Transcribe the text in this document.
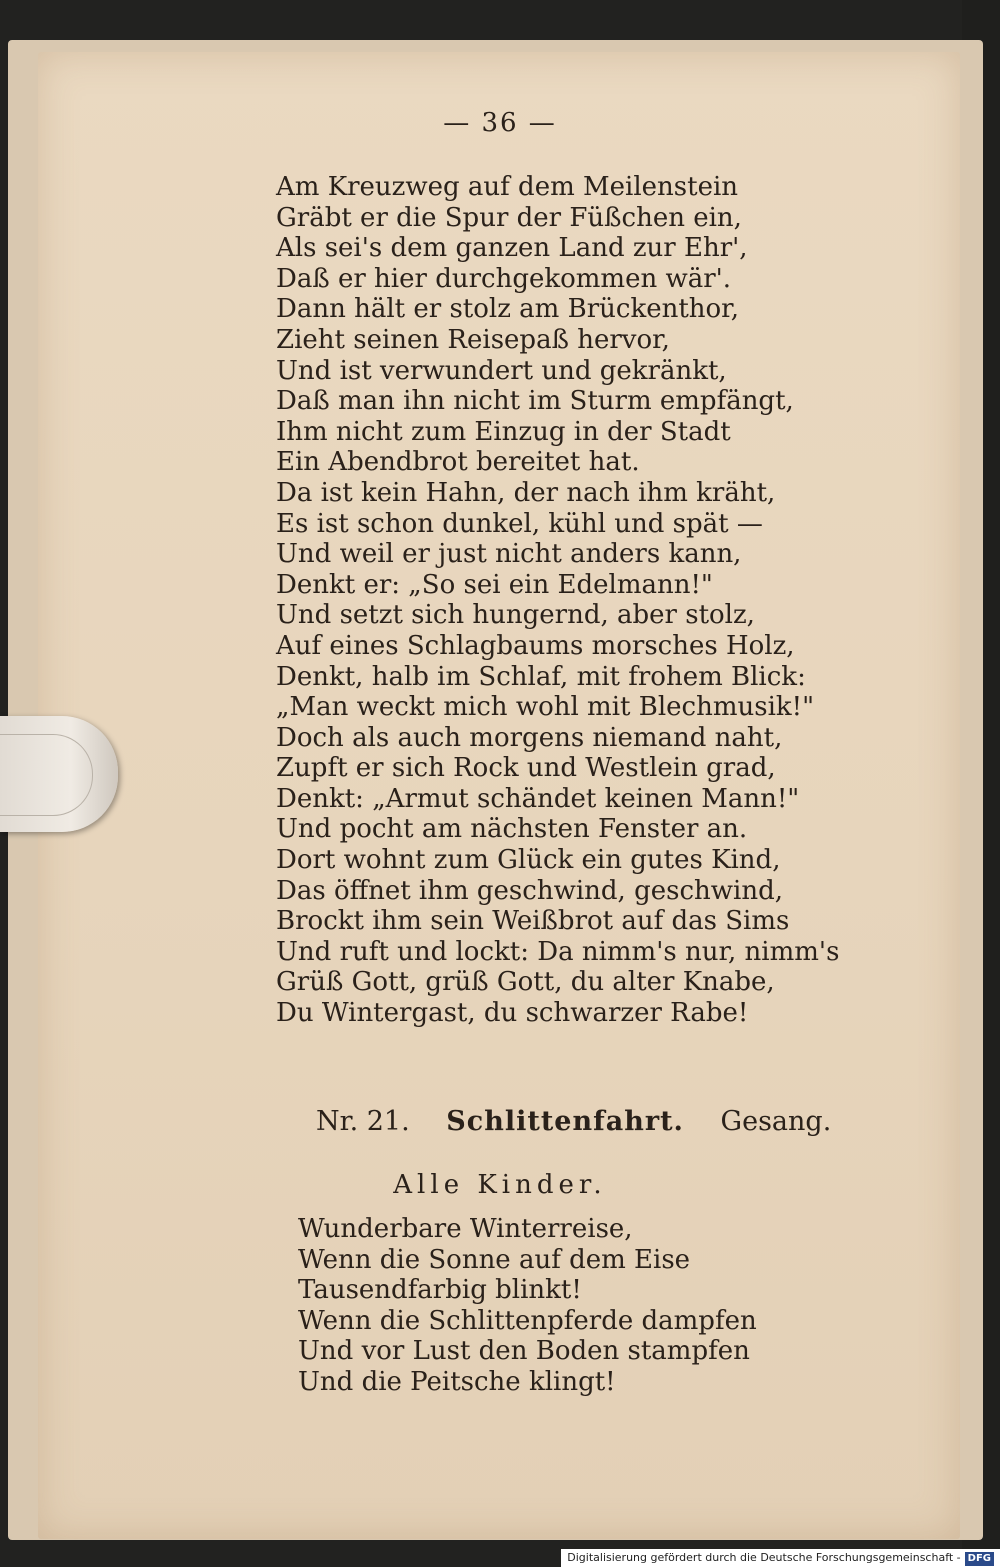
— 36 —
Am Kreuzweg auf dem Meilenstein
Gräbt er die Spur der Füßchen ein,
Als sei's dem ganzen Land zur Ehr',
Daß er hier durchgekommen wär'.
Dann hält er stolz am Brückenthor,
Zieht seinen Reisepaß hervor,
Und ist verwundert und gekränkt,
Daß man ihn nicht im Sturm empfängt,
Ihm nicht zum Einzug in der Stadt
Ein Abendbrot bereitet hat.
Da ist kein Hahn, der nach ihm kräht,
Es ist schon dunkel, kühl und spät —
Und weil er just nicht anders kann,
Denkt er: „So sei ein Edelmann!"
Und setzt sich hungernd, aber stolz,
Auf eines Schlagbaums morsches Holz,
Denkt, halb im Schlaf, mit frohem Blick:
„Man weckt mich wohl mit Blechmusik!"
Doch als auch morgens niemand naht,
Zupft er sich Rock und Westlein grad,
Denkt: „Armut schändet keinen Mann!"
Und pocht am nächsten Fenster an.
Dort wohnt zum Glück ein gutes Kind,
Das öffnet ihm geschwind, geschwind,
Brockt ihm sein Weißbrot auf das Sims
Und ruft und lockt: Da nimm's nur, nimm's
Grüß Gott, grüß Gott, du alter Knabe,
Du Wintergast, du schwarzer Rabe!
Nr. 21. Schlittenfahrt. Gesang.
Alle Kinder.
Wunderbare Winterreise,
Wenn die Sonne auf dem Eise
Tausendfarbig blinkt!
Wenn die Schlittenpferde dampfen
Und vor Lust den Boden stampfen
Und die Peitsche klingt!
Digitalisierung gefördert durch die Deutsche Forschungsgemeinschaft - DFG
